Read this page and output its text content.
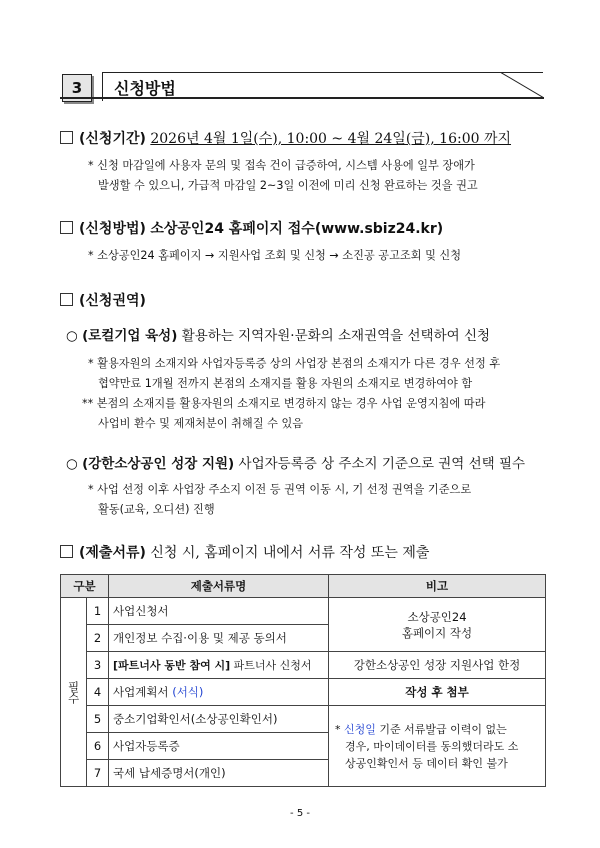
3	신청방법
(신청기간) 2026년 4월 1일(수), 10:00 ~ 4월 24일(금), 16:00 까지
* 신청 마감일에 사용자 문의 및 접속 건이 급증하여, 시스템 사용에 일부 장애가
발생할 수 있으니, 가급적 마감일 2~3일 이전에 미리 신청 완료하는 것을 권고
(신청방법) 소상공인24 홈페이지 접수(www.sbiz24.kr)
* 소상공인24 홈페이지 → 지원사업 조회 및 신청 → 소진공 공고조회 및 신청
(신청권역)
○ (로컬기업 육성) 활용하는 지역자원·문화의 소재권역을 선택하여 신청
* 활용자원의 소재지와 사업자등록증 상의 사업장 본점의 소재지가 다른 경우 선정 후
협약만료 1개월 전까지 본점의 소재지를 활용 자원의 소재지로 변경하여야 함
** 본점의 소재지를 활용자원의 소재지로 변경하지 않는 경우 사업 운영지침에 따라
사업비 환수 및 제재처분이 취해질 수 있음
○ (강한소상공인 성장 지원) 사업자등록증 상 주소지 기준으로 권역 선택 필수
* 사업 선정 이후 사업장 주소지 이전 등 권역 이동 시, 기 선정 권역을 기준으로
활동(교육, 오디션) 진행
(제출서류) 신청 시, 홈페이지 내에서 서류 작성 또는 제출
구분		제출서류명	비고
필수	1	사업신청서	소상공인24
홈페이지 작성

	2	개인정보 수집·이용 및 제공 동의서	
	3	[파트너사 동반 참여 시] 파트너사 신청서	강한소상공인 성장 지원사업 한정
	4	사업계획서 (서식)	작성 후 첨부
	5	중소기업확인서(소상공인확인서)	* 신청일 기준 서류발급 이력이 없는
경우, 마이데이터를 동의했더라도 소
상공인확인서 등 데이터 확인 불가

	6	사업자등록증	
	7	국세 납세증명서(개인)	
- 5 -
